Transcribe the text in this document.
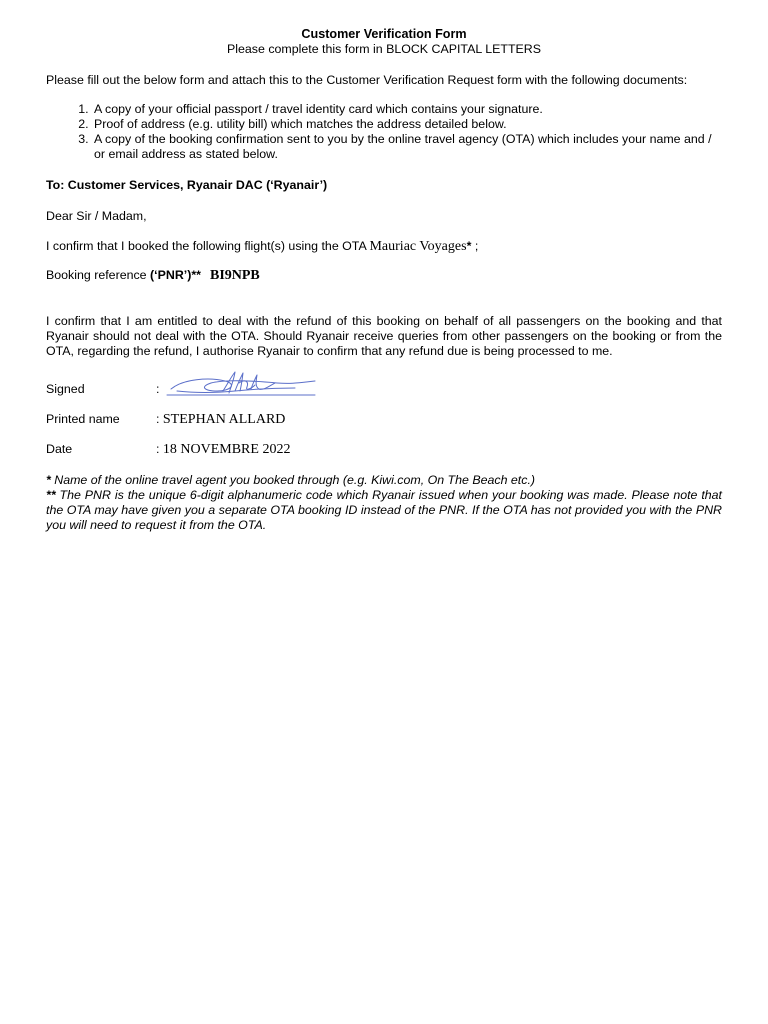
Customer Verification Form
Please complete this form in BLOCK CAPITAL LETTERS

Please fill out the below form and attach this to the Customer Verification Request form with the following documents:

1. A copy of your official passport / travel identity card which contains your signature.
2. Proof of address (e.g. utility bill) which matches the address detailed below.
3. A copy of the booking confirmation sent to you by the online travel agency (OTA) which includes your name and / or email address as stated below.

To: Customer Services, Ryanair DAC (‘Ryanair’)

Dear Sir / Madam,

I confirm that I booked the following flight(s) using the OTA Mauriac Voyages* ;

Booking reference (‘PNR’)** BI9NPB

I confirm that I am entitled to deal with the refund of this booking on behalf of all passengers on the booking and that Ryanair should not deal with the OTA. Should Ryanair receive queries from other passengers on the booking or from the OTA, regarding the refund, I authorise Ryanair to confirm that any refund due is being processed to me.

Signed	:
Printed name	: STEPHAN ALLARD
Date	: 18 NOVEMBRE 2022

* Name of the online travel agent you booked through (e.g. Kiwi.com, On The Beach etc.)

** The PNR is the unique 6-digit alphanumeric code which Ryanair issued when your booking was made. Please note that the OTA may have given you a separate OTA booking ID instead of the PNR. If the OTA has not provided you with the PNR you will need to request it from the OTA.
